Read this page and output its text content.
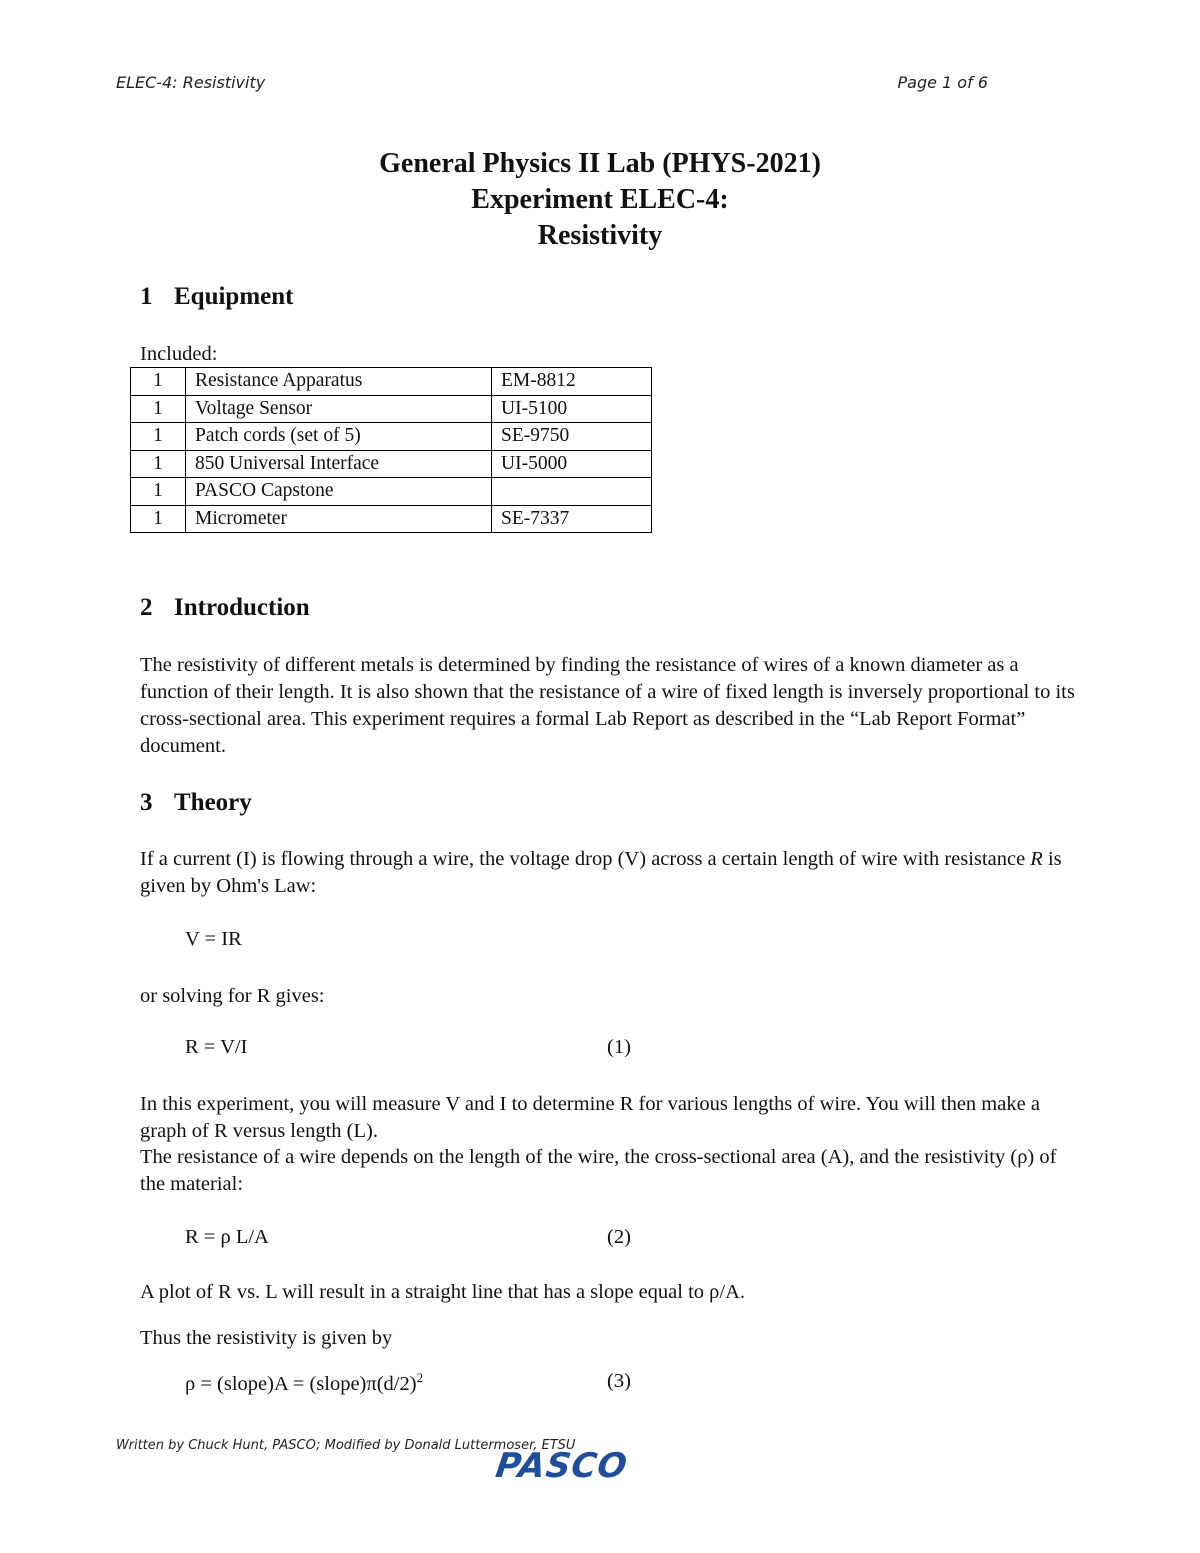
ELEC-4: Resistivity	Page 1 of 6
General Physics II Lab (PHYS-2021)
Experiment ELEC-4:
Resistivity
1 Equipment
Included:
1	Resistance Apparatus	EM-8812
1	Voltage Sensor	UI-5100
1	Patch cords (set of 5)	SE-9750
1	850 Universal Interface	UI-5000
1	PASCO Capstone	
1	Micrometer	SE-7337
2 Introduction
The resistivity of different metals is determined by finding the resistance of wires of a known diameter as a function of their length. It is also shown that the resistance of a wire of fixed length is inversely proportional to its cross-sectional area. This experiment requires a formal Lab Report as described in the “Lab Report Format” document.
3 Theory
If a current (I) is flowing through a wire, the voltage drop (V) across a certain length of wire with resistance R is given by Ohm's Law:
V = IR
or solving for R gives:
R = V/I	(1)
In this experiment, you will measure V and I to determine R for various lengths of wire. You will then make a graph of R versus length (L).
The resistance of a wire depends on the length of the wire, the cross-sectional area (A), and the resistivity (ρ) of the material:
R = ρ L/A	(2)
A plot of R vs. L will result in a straight line that has a slope equal to ρ/A.
Thus the resistivity is given by
ρ = (slope)A = $(slope)\pi(d/2)^2$	(3)
Written by Chuck Hunt, PASCO; Modified by Donald Luttermoser, ETSU
PASCO
